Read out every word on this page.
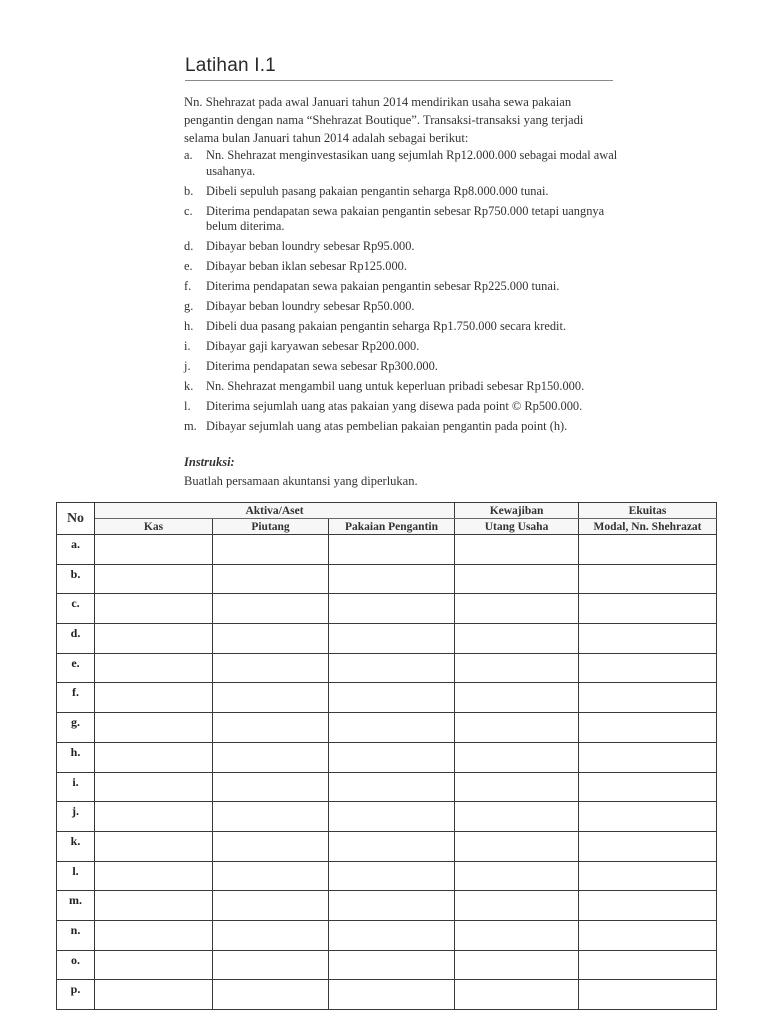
Latihan I.1
Nn. Shehrazat pada awal Januari tahun 2014 mendirikan usaha sewa pakaian pengantin dengan nama “Shehrazat Boutique”. Transaksi-transaksi yang terjadi selama bulan Januari tahun 2014 adalah sebagai berikut:
a. Nn. Shehrazat menginvestasikan uang sejumlah Rp12.000.000 sebagai modal awal usahanya.
b. Dibeli sepuluh pasang pakaian pengantin seharga Rp8.000.000 tunai.
c. Diterima pendapatan sewa pakaian pengantin sebesar Rp750.000 tetapi uangnya belum diterima.
d. Dibayar beban loundry sebesar Rp95.000.
e. Dibayar beban iklan sebesar Rp125.000.
f. Diterima pendapatan sewa pakaian pengantin sebesar Rp225.000 tunai.
g. Dibayar beban loundry sebesar Rp50.000.
h. Dibeli dua pasang pakaian pengantin seharga Rp1.750.000 secara kredit.
i. Dibayar gaji karyawan sebesar Rp200.000.
j. Diterima pendapatan sewa sebesar Rp300.000.
k. Nn. Shehrazat mengambil uang untuk keperluan pribadi sebesar Rp150.000.
l. Diterima sejumlah uang atas pakaian yang disewa pada point © Rp500.000.
m. Dibayar sejumlah uang atas pembelian pakaian pengantin pada point (h).
Instruksi:
Buatlah persamaan akuntansi yang diperlukan.
No	Aktiva/Aset			Kewajiban	Ekuitas
	Kas	Piutang	Pakaian Pengantin	Utang Usaha	Modal, Nn. Shehrazat
a.					
b.					
c.					
d.					
e.					
f.					
g.					
h.					
i.					
j.					
k.					
l.					
m.					
n.					
o.					
p.					
